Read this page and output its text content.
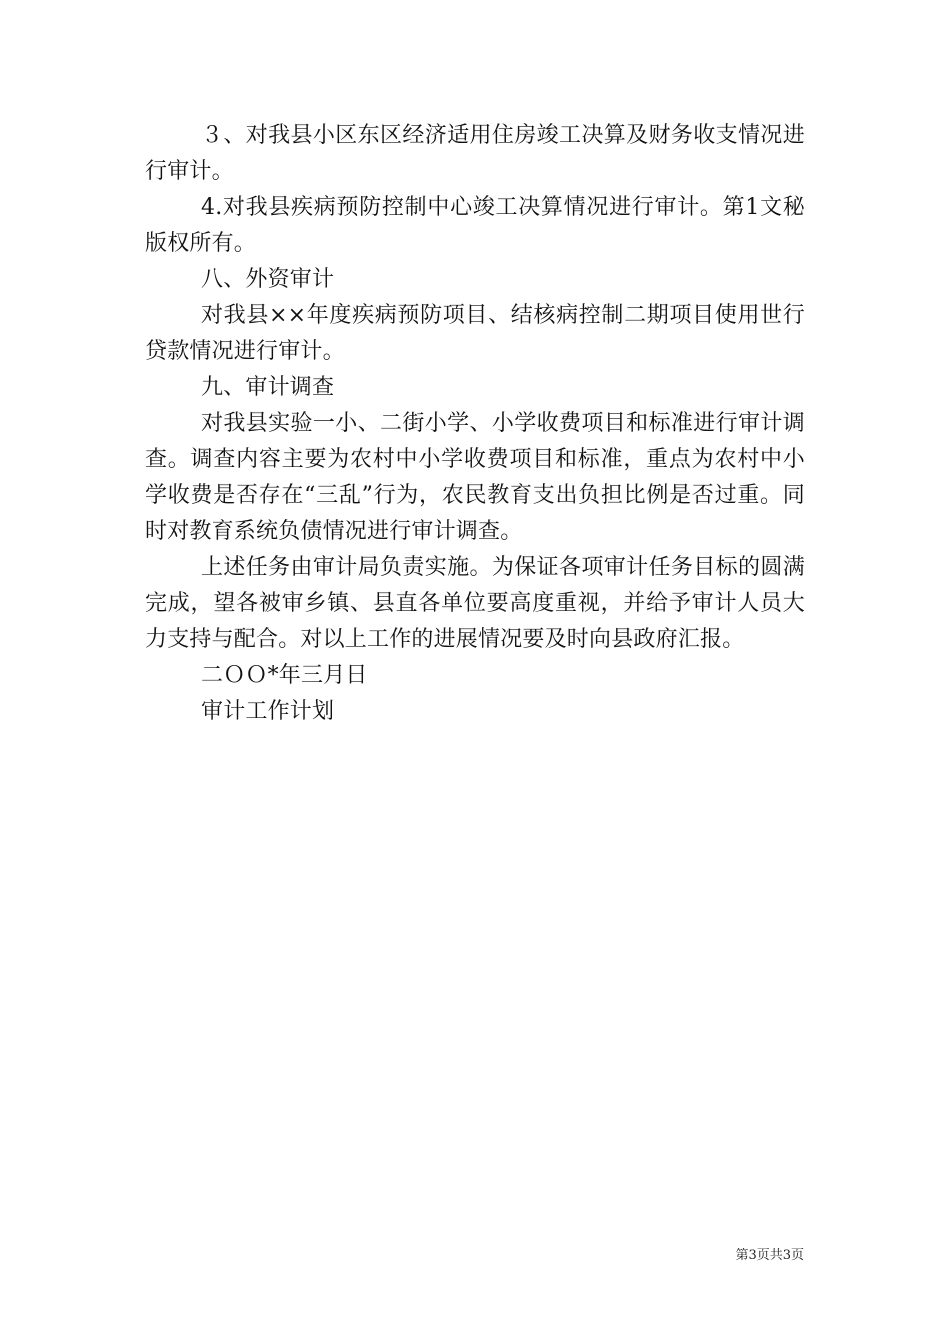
３、对我县小区东区经济适用住房竣工决算及财务收支情况进行审计。

4.对我县疾病预防控制中心竣工决算情况进行审计。第1文秘版权所有。

八、外资审计

对我县××年度疾病预防项目、结核病控制二期项目使用世行贷款情况进行审计。

九、审计调查

对我县实验一小、二街小学、小学收费项目和标准进行审计调查。调查内容主要为农村中小学收费项目和标准，重点为农村中小学收费是否存在“三乱”行为，农民教育支出负担比例是否过重。同时对教育系统负债情况进行审计调查。

上述任务由审计局负责实施。为保证各项审计任务目标的圆满完成，望各被审乡镇、县直各单位要高度重视，并给予审计人员大力支持与配合。对以上工作的进展情况要及时向县政府汇报。

二ＯＯ*年三月日

审计工作计划

第3页共3页
